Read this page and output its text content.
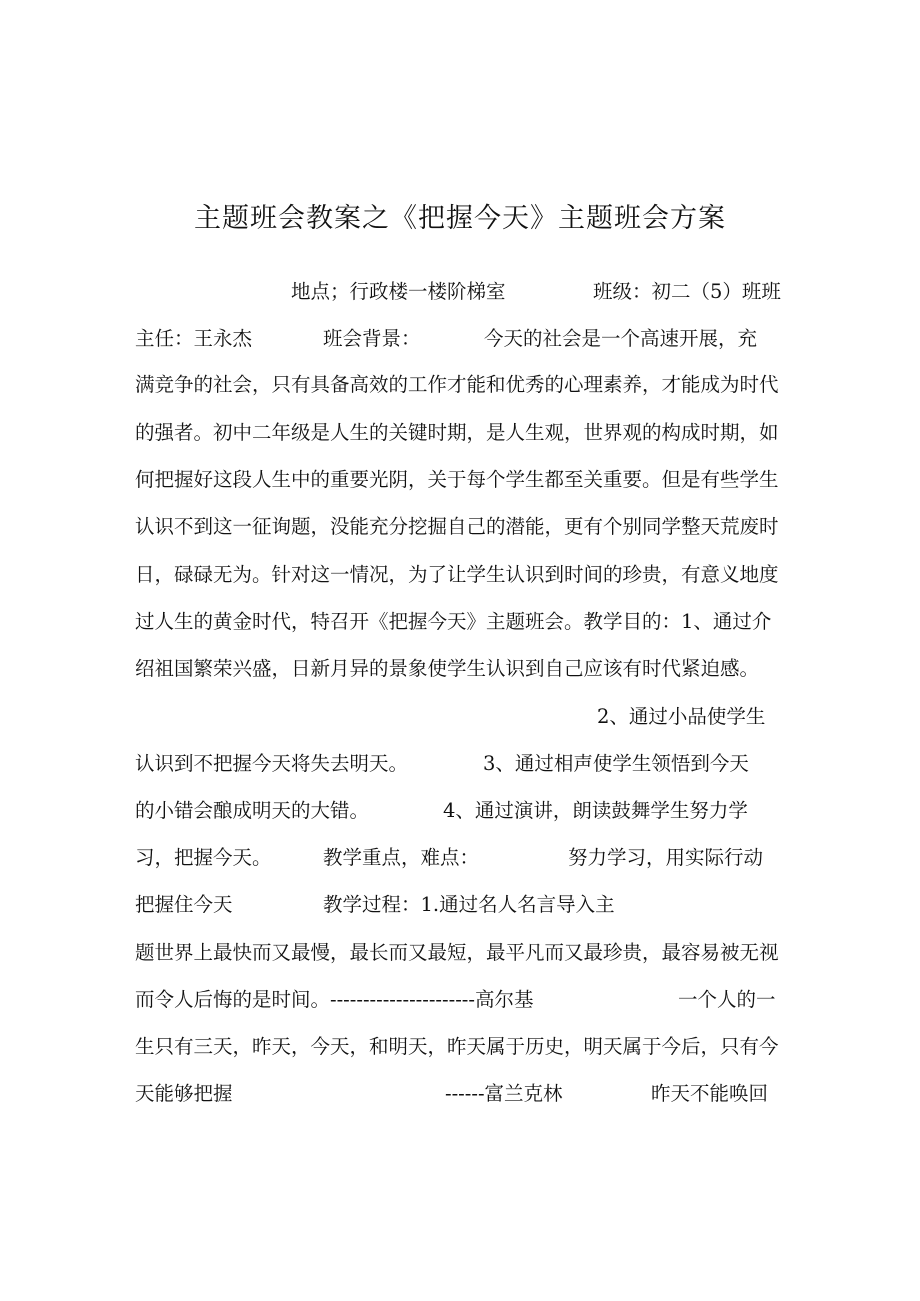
主题班会教案之《把握今天》主题班会方案
地点；行政楼一楼阶梯室	班级：初二（5）班班
主任：王永杰	班会背景：	今天的社会是一个高速开展，充
满竞争的社会，只有具备高效的工作才能和优秀的心理素养，才能成为时代
的强者。初中二年级是人生的关键时期，是人生观，世界观的构成时期，如
何把握好这段人生中的重要光阴，关于每个学生都至关重要。但是有些学生
认识不到这一征询题，没能充分挖掘自己的潜能，更有个别同学整天荒废时
日，碌碌无为。针对这一情况，为了让学生认识到时间的珍贵，有意义地度
过人生的黄金时代，特召开《把握今天》主题班会。教学目的：1、通过介
绍祖国繁荣兴盛，日新月异的景象使学生认识到自己应该有时代紧迫感。
2、通过小品使学生
认识到不把握今天将失去明天。	3、通过相声使学生领悟到今天
的小错会酿成明天的大错。	4、通过演讲，朗读鼓舞学生努力学
习，把握今天。	教学重点，难点：	努力学习，用实际行动
把握住今天	教学过程：1.通过名人名言导入主
题世界上最快而又最慢，最长而又最短，最平凡而又最珍贵，最容易被无视
而令人后悔的是时间。----------------------高尔基	一个人的一
生只有三天，昨天，今天，和明天，昨天属于历史，明天属于今后，只有今
天能够把握	------富兰克林	昨天不能唤回
